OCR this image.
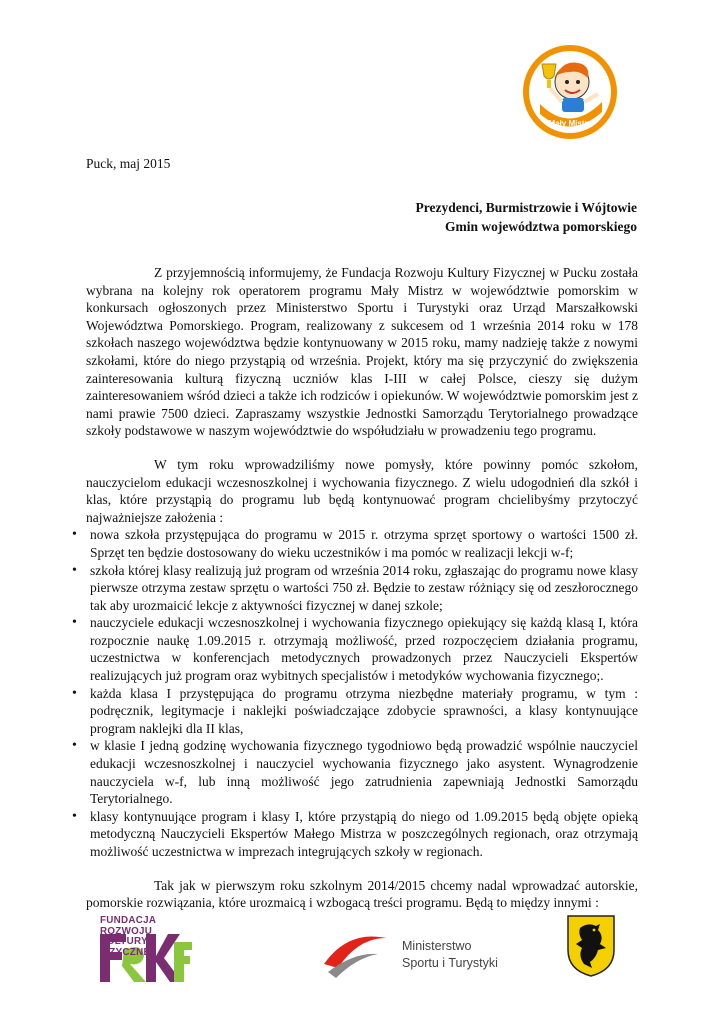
Mały Mistrz
Puck, maj 2015
Prezydenci, Burmistrzowie i Wójtowie
Gmin województwa pomorskiego

Z przyjemnością informujemy, że Fundacja Rozwoju Kultury Fizycznej w Pucku została wybrana na kolejny rok operatorem programu Mały Mistrz w województwie pomorskim w konkursach ogłoszonych przez Ministerstwo Sportu i Turystyki oraz Urząd Marszałkowski Województwa Pomorskiego. Program, realizowany z sukcesem od 1 września 2014 roku w 178 szkołach naszego województwa będzie kontynuowany w 2015 roku, mamy nadzieję także z nowymi szkołami, które do niego przystąpią od września. Projekt, który ma się przyczynić do zwiększenia zainteresowania kulturą fizyczną uczniów klas I-III w całej Polsce, cieszy się dużym zainteresowaniem wśród dzieci a także ich rodziców i opiekunów. W województwie pomorskim jest z nami prawie 7500 dzieci. Zapraszamy wszystkie Jednostki Samorządu Terytorialnego prowadzące szkoły podstawowe w naszym województwie do współudziału w prowadzeniu tego programu.

W tym roku wprowadziliśmy nowe pomysły, które powinny pomóc szkołom, nauczycielom edukacji wczesnoszkolnej i wychowania fizycznego. Z wielu udogodnień dla szkół i klas, które przystąpią do programu lub będą kontynuować program chcielibyśmy przytoczyć najważniejsze założenia :

• nowa szkoła przystępująca do programu w 2015 r. otrzyma sprzęt sportowy o wartości 1500 zł. Sprzęt ten będzie dostosowany do wieku uczestników i ma pomóc w realizacji lekcji w-f;
• szkoła której klasy realizują już program od września 2014 roku, zgłaszając do programu nowe klasy pierwsze otrzyma zestaw sprzętu o wartości 750 zł. Będzie to zestaw różniący się od zeszłorocznego tak aby urozmaicić lekcje z aktywności fizycznej w danej szkole;
• nauczyciele edukacji wczesnoszkolnej i wychowania fizycznego opiekujący się każdą klasą I, która rozpocznie naukę 1.09.2015 r. otrzymają możliwość, przed rozpoczęciem działania programu, uczestnictwa w konferencjach metodycznych prowadzonych przez Nauczycieli Ekspertów realizujących już program oraz wybitnych specjalistów i metodyków wychowania fizycznego;.
• każda klasa I przystępująca do programu otrzyma niezbędne materiały programu, w tym : podręcznik, legitymacje i naklejki poświadczające zdobycie sprawności, a klasy kontynuujące program naklejki dla II klas,
• w klasie I jedną godzinę wychowania fizycznego tygodniowo będą prowadzić wspólnie nauczyciel edukacji wczesnoszkolnej i nauczyciel wychowania fizycznego jako asystent. Wynagrodzenie nauczyciela w-f, lub inną możliwość jego zatrudnienia zapewniają Jednostki Samorządu Terytorialnego.
• klasy kontynuujące program i klasy I, które przystąpią do niego od 1.09.2015 będą objęte opieką metodyczną Nauczycieli Ekspertów Małego Mistrza w poszczególnych regionach, oraz otrzymają możliwość uczestnictwa w imprezach integrujących szkoły w regionach.

Tak jak w pierwszym roku szkolnym 2014/2015 chcemy nadal wprowadzać autorskie, pomorskie rozwiązania, które urozmaicą i wzbogacą treści programu. Będą to między innymi :

FUNDACJA
ROZWOJU
KULTURY
FIZYCZNEJ	Ministerstwo
Sportu i Turystyki
